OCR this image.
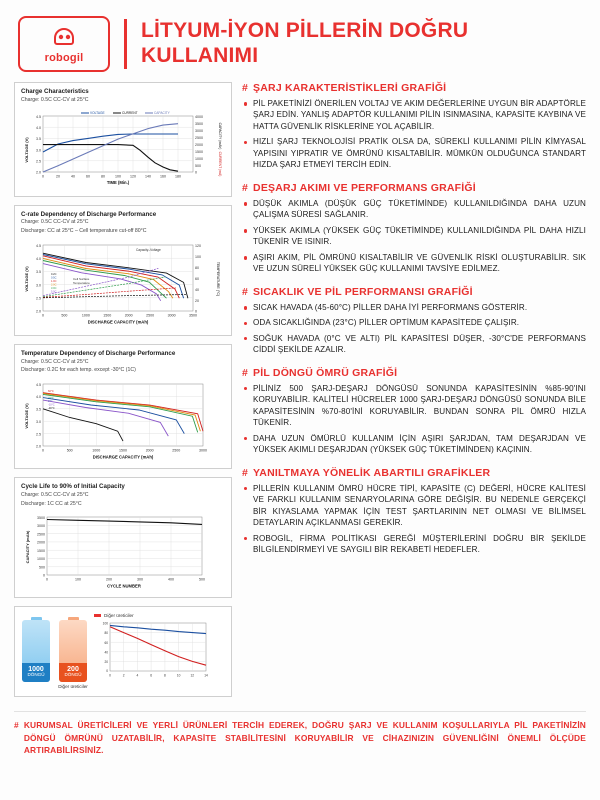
robogil
LİTYUM-İYON PİLLERİN DOĞRU KULLANIMI
Charge Characteristics
Charge: 0.5C CC-CV at 25°C
4.5
4.0
3.5
3.0
2.5
2.0
4000
3500
3000
2500
2000
1500
1000
500
0
0	20	40	60	80	100	120	140	160	180
TIME (Min.)
VOLTAGE (V)
CAPACITY (mAh)
CURRENT (mA)
VOLTAGE	CURRENT	CAPACITY
C-rate Dependency of Discharge Performance
Charge: 0.5C CC-CV at 25°C
Discharge: CC at 25°C – Cell temperature cut-off 80°C
4.5
4.0
3.5
3.0
2.5
2.0
120
100
80
60
40
20
0
0	500	1000	1500	2000	2500	3000	3500
DISCHARGE CAPACITY (mAh)
VOLTAGE (V)	TEMPERATURE (°C)
Capacity–Voltage
Cell Surface
Temperature
0.2C
0.5C
1.0C
2.0C
3.0C
5.0C
Temperature Dependency of Discharge Performance
Charge: 0.5C CC-CV at 25°C
Discharge: 0.2C for each temp. except -30°C (1C)
4.5
4.0
3.5
3.0
2.5
2.0
0	500	1000	1500	2000	2500	3000
DISCHARGE CAPACITY (mAh)
VOLTAGE (V)
60°C
45°C
23°C
0°C
-10°C
-30°C
Cycle Life to 90% of Initial Capacity
Charge: 0.5C CC-CV at 25°C
Discharge: 1C CC at 25°C
3500
3000
2500
2000
1500
1000
500
0
0	100	200	300	400	500
CYCLE NUMBER
CAPACITY (mAh)
1000
DÖNGÜ
200
DÖNGÜ
Diğer üreticiler
Diğer üreticiler
100
80
60
40
20
0
0	2	4	6	8	10	12	14
# ŞARJ KARAKTERİSTİKLERİ GRAFİĞİ
PİL PAKETİNİZİ ÖNERİLEN VOLTAJ VE AKIM DEĞERLERİNE UYGUN BİR ADAPTÖRLE ŞARJ EDİN. YANLIŞ ADAPTÖR KULLANIMI PİLİN ISINMASINA, KAPASİTE KAYBINA VE HATTA GÜVENLİK RİSKLERİNE YOL AÇABİLİR.
HIZLI ŞARJ TEKNOLOJİSİ PRATİK OLSA DA, SÜREKLİ KULLANIMI PİLİN KİMYASAL YAPISINI YIPRATIR VE ÖMRÜNÜ KISALTABİLİR. MÜMKÜN OLDUĞUNCA STANDART HIZDA ŞARJ ETMEYİ TERCİH EDİN.
# DEŞARJ AKIMI VE PERFORMANS GRAFİĞİ
DÜŞÜK AKIMLA (DÜŞÜK GÜÇ TÜKETİMİNDE) KULLANILDIĞINDA DAHA UZUN ÇALIŞMA SÜRESİ SAĞLANIR.
YÜKSEK AKIMLA (YÜKSEK GÜÇ TÜKETİMİNDE) KULLANILDIĞINDA PİL DAHA HIZLI TÜKENİR VE ISINIR.
AŞIRI AKIM, PİL ÖMRÜNÜ KISALTABİLİR VE GÜVENLİK RİSKİ OLUŞTURABİLİR. SIK VE UZUN SÜRELİ YÜKSEK GÜÇ KULLANIMI TAVSİYE EDİLMEZ.
# SICAKLIK VE PİL PERFORMANSI GRAFİĞİ
SICAK HAVADA (45-60°C) PİLLER DAHA İYİ PERFORMANS GÖSTERİR.
ODA SICAKLIĞINDA (23°C) PİLLER OPTİMUM KAPASİTEDE ÇALIŞIR.
SOĞUK HAVADA (0°C VE ALTI) PİL KAPASİTESİ DÜŞER, -30°C'DE PERFORMANS CİDDİ ŞEKİLDE AZALIR.
# PİL DÖNGÜ ÖMRÜ GRAFİĞİ
PİLİNİZ 500 ŞARJ-DEŞARJ DÖNGÜSÜ SONUNDA KAPASİTESİNİN %85-90'INI KORUYABİLİR. KALİTELİ HÜCRELER 1000 ŞARJ-DEŞARJ DÖNGÜSÜ SONUNDA BİLE KAPASİTESİNİN %70-80'İNİ KORUYABİLİR. BUNDAN SONRA PİL ÖMRÜ HIZLA TÜKENİR.
DAHA UZUN ÖMÜRLÜ KULLANIM İÇİN AŞIRI ŞARJDAN, TAM DEŞARJDAN VE YÜKSEK AKIMLI DEŞARJDAN (YÜKSEK GÜÇ TÜKETİMİNDEN) KAÇININ.
# YANILTMAYA YÖNELİK ABARTILI GRAFİKLER
PİLLERİN KULLANIM ÖMRÜ HÜCRE TİPİ, KAPASİTE (C) DEĞERİ, HÜCRE KALİTESİ VE FARKLI KULLANIM SENARYOLARINA GÖRE DEĞİŞİR. BU NEDENLE GERÇEKÇİ BİR KIYASLAMA YAPMAK İÇİN TEST ŞARTLARININ NET OLMASI VE BİLİMSEL DETAYLARIN AÇIKLANMASI GEREKİR.
ROBOGİL, FİRMA POLİTİKASI GEREĞİ MÜŞTERİLERİNİ DOĞRU BİR ŞEKİLDE BİLGİLENDİRMEYİ VE SAYGILI BİR REKABETİ HEDEFLER.
# KURUMSAL ÜRETİCİLERİ VE YERLİ ÜRÜNLERİ TERCİH EDEREK, DOĞRU ŞARJ VE KULLANIM KOŞULLARIYLA PİL PAKETİNİZİN DÖNGÜ ÖMRÜNÜ UZATABİLİR, KAPASİTE STABİLİTESİNİ KORUYABİLİR VE CİHAZINIZIN GÜVENLİĞİNİ ÖNEMLİ ÖLÇÜDE ARTIRABİLİRSİNİZ.
